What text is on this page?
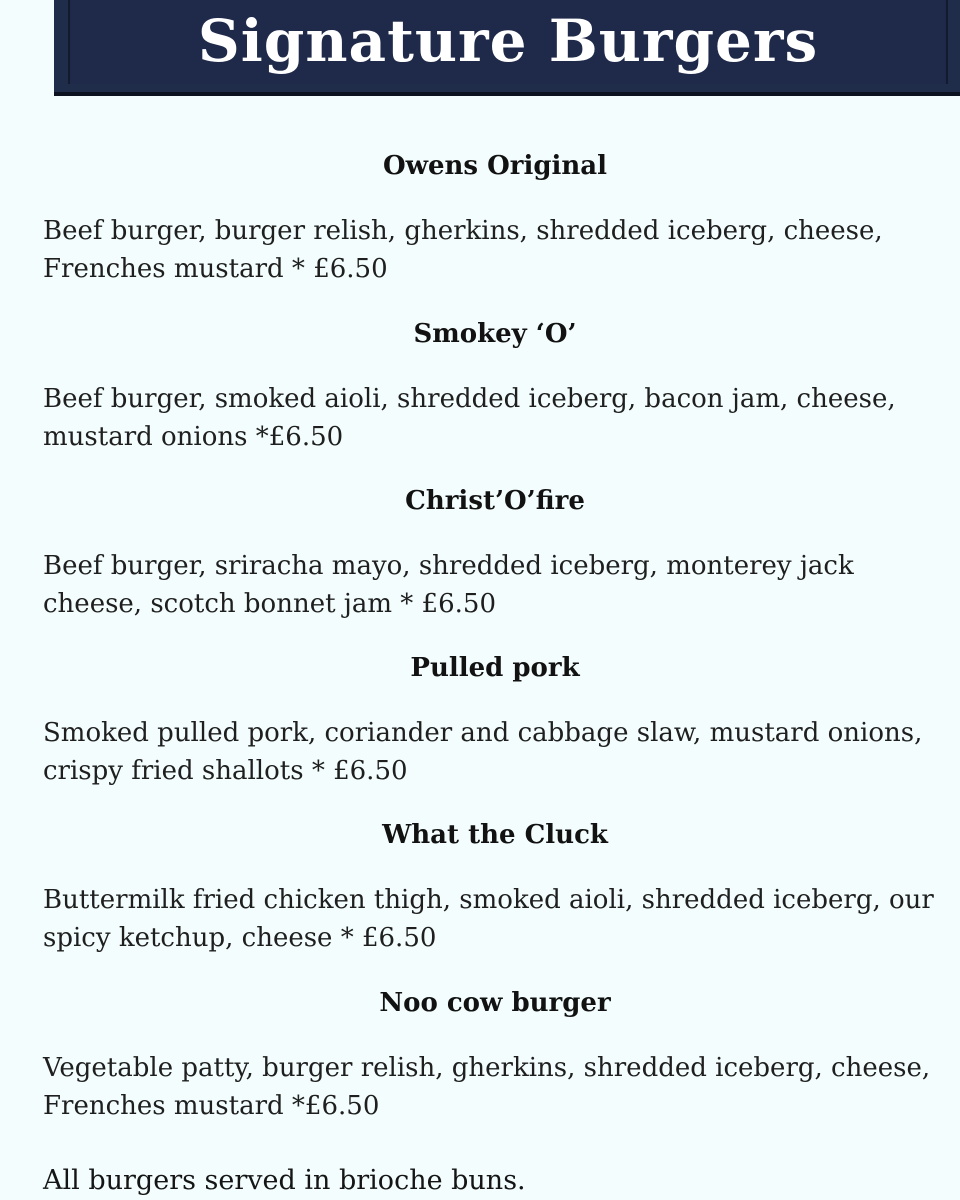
Signature Burgers
Owens Original

Beef burger, burger relish, gherkins, shredded iceberg, cheese, Frenches mustard * £6.50

Smokey ‘O’

Beef burger, smoked aioli, shredded iceberg, bacon jam, cheese, mustard onions *£6.50

Christ’O’fire

Beef burger, sriracha mayo, shredded iceberg, monterey jack cheese, scotch bonnet jam * £6.50

Pulled pork

Smoked pulled pork, coriander and cabbage slaw, mustard onions, crispy fried shallots * £6.50

What the Cluck

Buttermilk fried chicken thigh, smoked aioli, shredded iceberg, our spicy ketchup, cheese * £6.50

Noo cow burger

Vegetable patty, burger relish, gherkins, shredded iceberg, cheese, Frenches mustard *£6.50

All burgers served in brioche buns.
